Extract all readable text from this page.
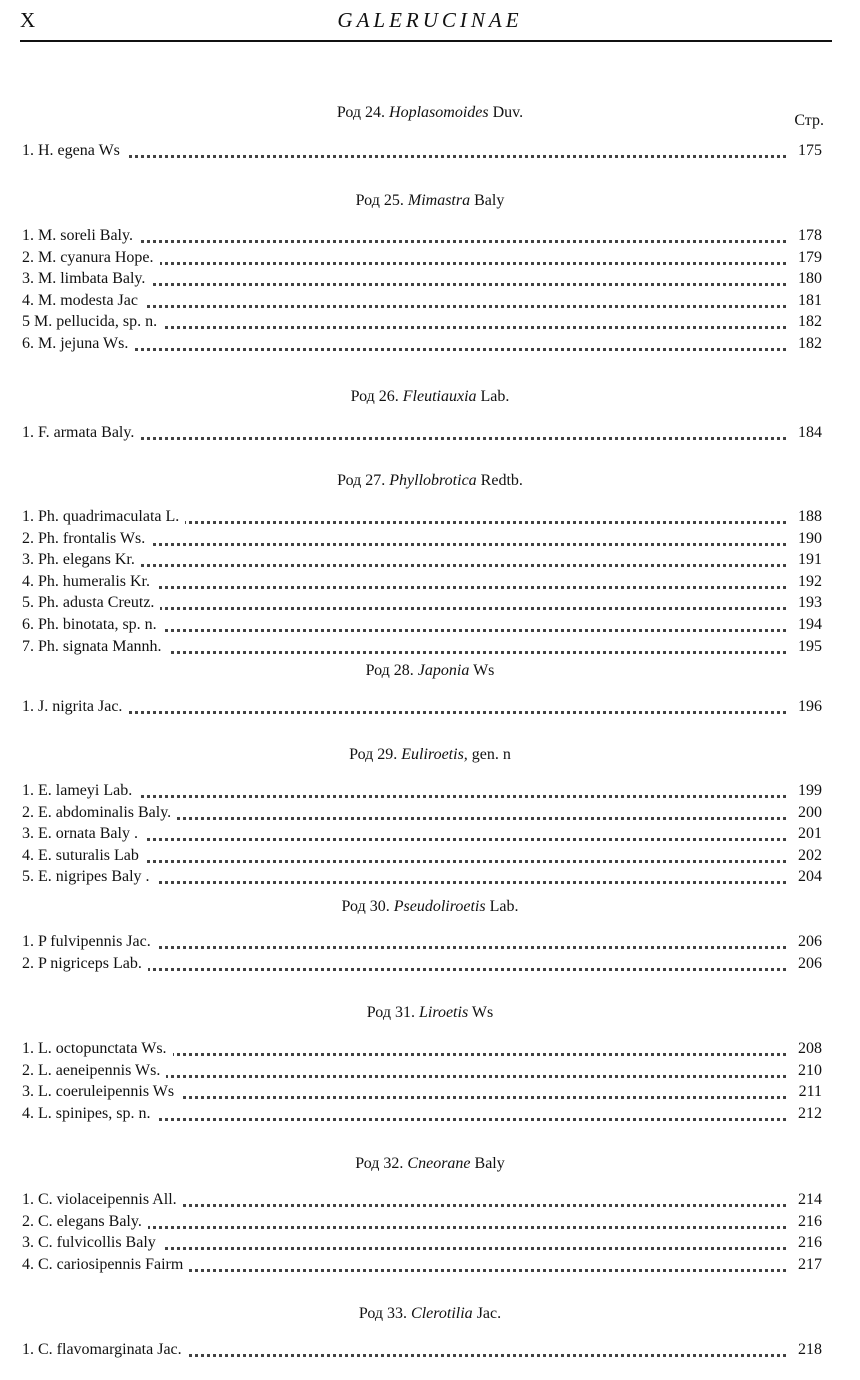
X	GALERUCINAE
Стр.
Род 24. Hoplasomoides Duv.
1. H. egena Ws	175
Род 25. Mimastra Baly
1. M. soreli Baly.	178
2. M. cyanura Hope.	179
3. M. limbata Baly.	180
4. M. modesta Jac	181
5 M. pellucida, sp. n.	182
6. M. jejuna Ws.	182
Род 26. Fleutiauxia Lab.
1. F. armata Baly.	184
Род 27. Phyllobrotica Redtb.
1. Ph. quadrimaculata L.	188
2. Ph. frontalis Ws.	190
3. Ph. elegans Kr.	191
4. Ph. humeralis Kr.	192
5. Ph. adusta Creutz.	193
6. Ph. binotata, sp. n.	194
7. Ph. signata Mannh.	195
Род 28. Japonia Ws
1. J. nigrita Jac.	196
Род 29. Euliroetis, gen. n
1. E. lameyi Lab.	199
2. E. abdominalis Baly.	200
3. E. ornata Baly .	201
4. E. suturalis Lab	202
5. E. nigripes Baly .	204
Род 30. Pseudoliroetis Lab.
1. P fulvipennis Jac.	206
2. P nigriceps Lab.	206
Род 31. Liroetis Ws
1. L. octopunctata Ws.	208
2. L. aeneipennis Ws.	210
3. L. coeruleipennis Ws	211
4. L. spinipes, sp. n.	212
Род 32. Cneorane Baly
1. C. violaceipennis All.	214
2. C. elegans Baly.	216
3. C. fulvicollis Baly	216
4. C. cariosipennis Fairm	217
Род 33. Clerotilia Jac.
1. C. flavomarginata Jac.	218
